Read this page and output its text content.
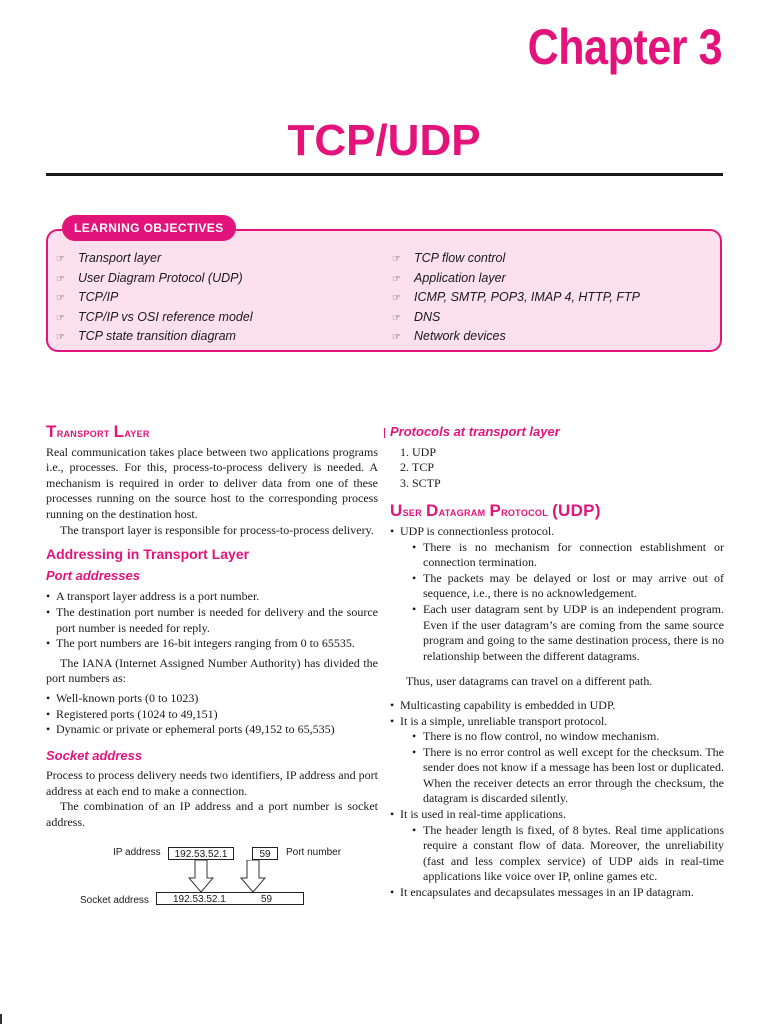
Chapter 3
TCP/UDP
LEARNING OBJECTIVES
☞ Transport layer
☞ User Diagram Protocol (UDP)
☞ TCP/IP
☞ TCP/IP vs OSI reference model
☞ TCP state transition diagram
☞ TCP flow control
☞ Application layer
☞ ICMP, SMTP, POP3, IMAP 4, HTTP, FTP
☞ DNS
☞ Network devices
Transport Layer

Real communication takes place between two applications programs i.e., processes. For this, process-to-process delivery is needed. A mechanism is required in order to deliver data from one of these processes running on the source host to the corresponding process running on the destination host.

The transport layer is responsible for process-to-process delivery.

Addressing in Transport Layer
Port addresses
• A transport layer address is a port number.
• The destination port number is needed for delivery and the source port number is needed for reply.
• The port numbers are 16-bit integers ranging from 0 to 65535.

The IANA (Internet Assigned Number Authority) has divided the port numbers as:

• Well-known ports (0 to 1023)
• Registered ports (1024 to 49,151)
• Dynamic or private or ephemeral ports (49,152 to 65,535)
Socket address

Process to process delivery needs two identifiers, IP address and port address at each end to make a connection.

The combination of an IP address and a port number is socket address.

IP address	192.53.52.1	59	Port number
Socket address 192.53.52.1	59
Protocols at transport layer
1. UDP
2. TCP
3. SCTP
User Datagram Protocol (UDP)
• UDP is connectionless protocol.
• There is no mechanism for connection establishment or connection termination.
• The packets may be delayed or lost or may arrive out of sequence, i.e., there is no acknowledgement.
• Each user datagram sent by UDP is an independent program. Even if the user datagram’s are coming from the same source program and going to the same destination process, there is no relationship between the different datagrams.

Thus, user datagrams can travel on a different path.

• Multicasting capability is embedded in UDP.
• It is a simple, unreliable transport protocol.
• There is no flow control, no window mechanism.
• There is no error control as well except for the checksum. The sender does not know if a message has been lost or duplicated. When the receiver detects an error through the checksum, the datagram is discarded silently.
• It is used in real-time applications.
• The header length is fixed, of 8 bytes. Real time applications require a constant flow of data. Moreover, the unreliability (fast and less complex service) of UDP aids in real-time applications like voice over IP, online games etc.
• It encapsulates and decapsulates messages in an IP datagram.
